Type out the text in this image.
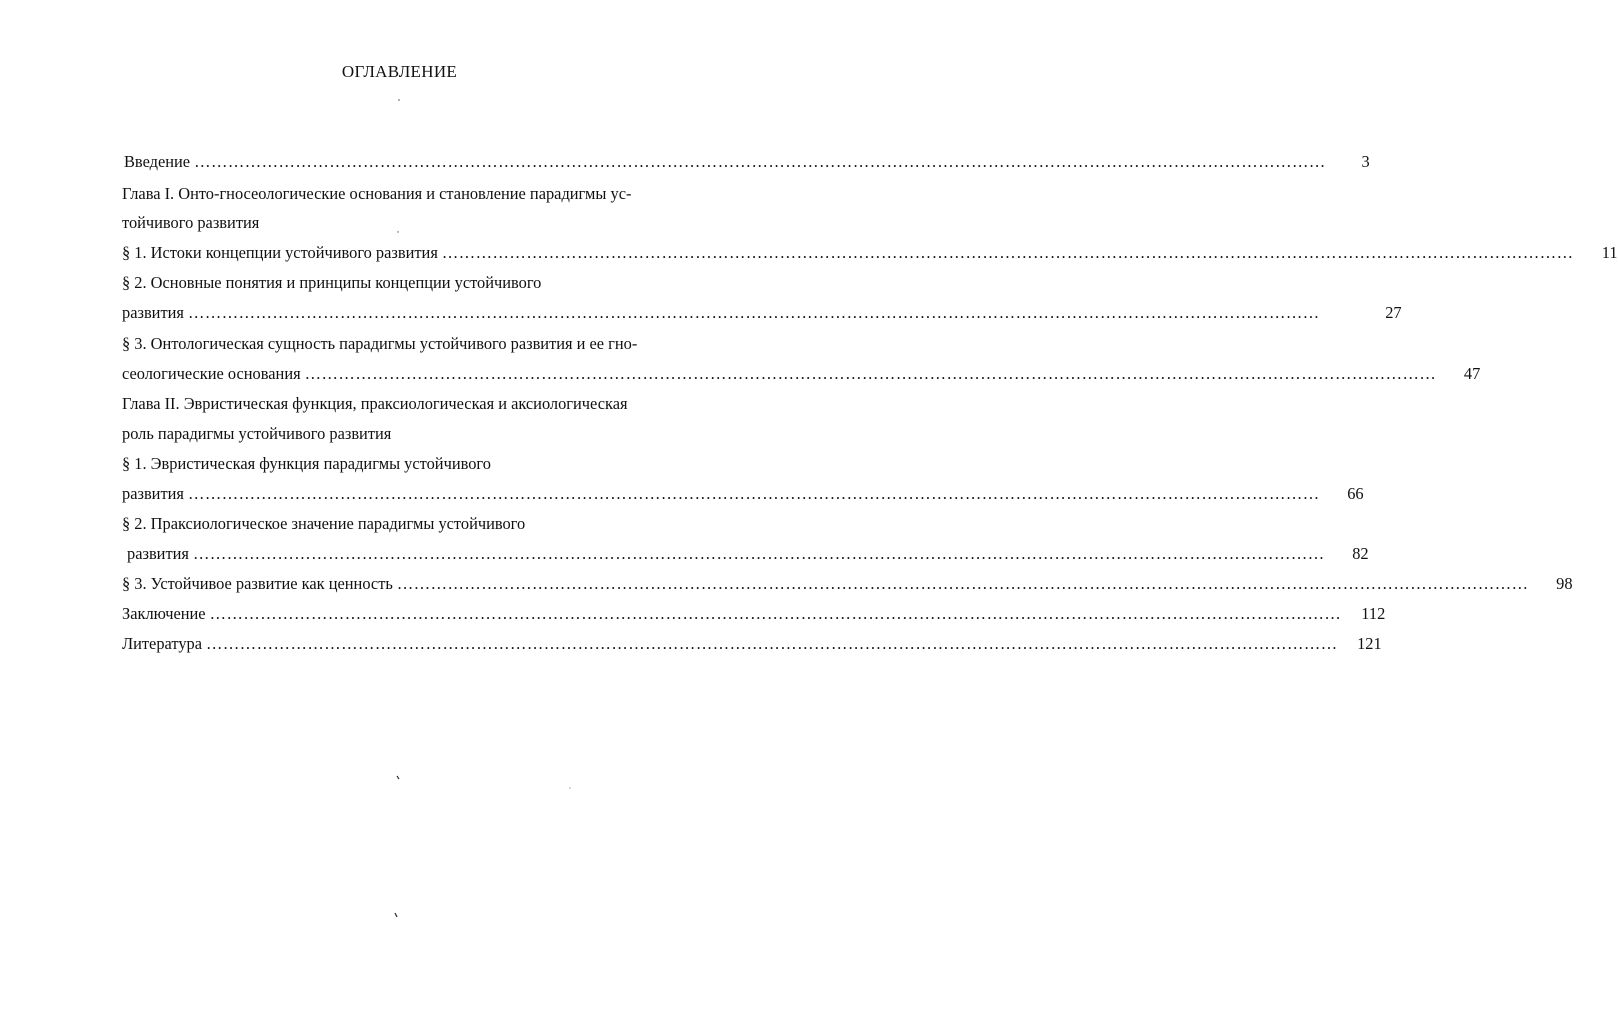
ОГЛАВЛЕНИЕ
Введение …………………………………………………………………………………………………………………………………………………………………………………	3
Глава I. Онто-гносеологические основания и становление парадигмы ус-
тойчивого развития
§ 1. Истоки концепции устойчивого развития …………………………………………………………………………………………………………………………………………………………………………………	11
§ 2. Основные понятия и принципы концепции устойчивого
развития …………………………………………………………………………………………………………………………………………………………………………………	27
§ 3. Онтологическая сущность парадигмы устойчивого развития и ее гно-
сеологические основания …………………………………………………………………………………………………………………………………………………………………………………	47
Глава II. Эвристическая функция, праксиологическая и аксиологическая
роль парадигмы устойчивого развития
§ 1. Эвристическая функция парадигмы устойчивого
развития …………………………………………………………………………………………………………………………………………………………………………………	66
§ 2. Праксиологическое значение парадигмы устойчивого
развития …………………………………………………………………………………………………………………………………………………………………………………	82
§ 3. Устойчивое развитие как ценность …………………………………………………………………………………………………………………………………………………………………………………	98
Заключение …………………………………………………………………………………………………………………………………………………………………………………	112
Литература …………………………………………………………………………………………………………………………………………………………………………………	121
